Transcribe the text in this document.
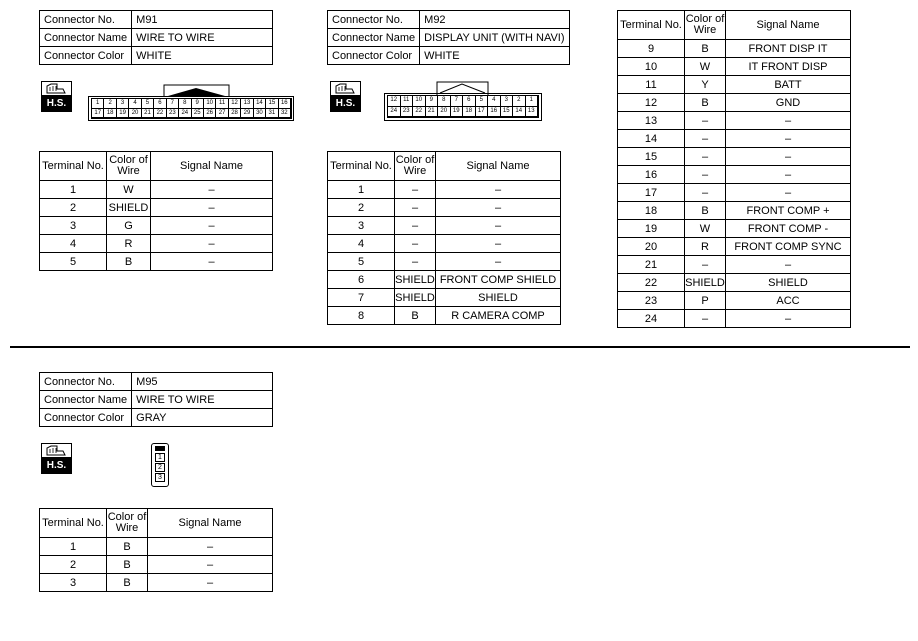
Connector No.	M91
Connector Name	WIRE TO WIRE
Connector Color	WHITE
H.S.	1	2	3	4	5	6	7	8	9	10 11 12 13 14 15 16
17 18 19 20 21 22 23 24 25 26 27 28 29 30 31 32
Terminal No.	Color of Wire	Signal Name
1	W	–
2	SHIELD	–
3	G	–
4	R	–
5	B	–
Connector No.	M92
Connector Name	DISPLAY UNIT (WITH NAVI)
Connector Color	WHITE
H.S.	12	11	10	9	8	7	6	5	4	3	2	1
24 23 22 21 20 19 18 17 16 15 14 13
Terminal No.	Color of Wire	Signal Name
1	–	–
2	–	–
3	–	–
4	–	–
5	–	–
6	SHIELD	FRONT COMP SHIELD
7	SHIELD	SHIELD
8	B	R CAMERA COMP
Terminal No.	Color of Wire	Signal Name
9	B	FRONT DISP IT
10	W	IT FRONT DISP
11	Y	BATT
12	B	GND
13	–	–
14	–	–
15	–	–
16	–	–
17	–	–
18	B	FRONT COMP +
19	W	FRONT COMP -
20	R	FRONT COMP SYNC
21	–	–
22	SHIELD	SHIELD
23	P	ACC
24	–	–
Connector No.	M95
Connector Name	WIRE TO WIRE
Connector Color	GRAY
H.S.
1
2
3
Terminal No.	Color of Wire	Signal Name
1	B	–
2	B	–
3	B	–
